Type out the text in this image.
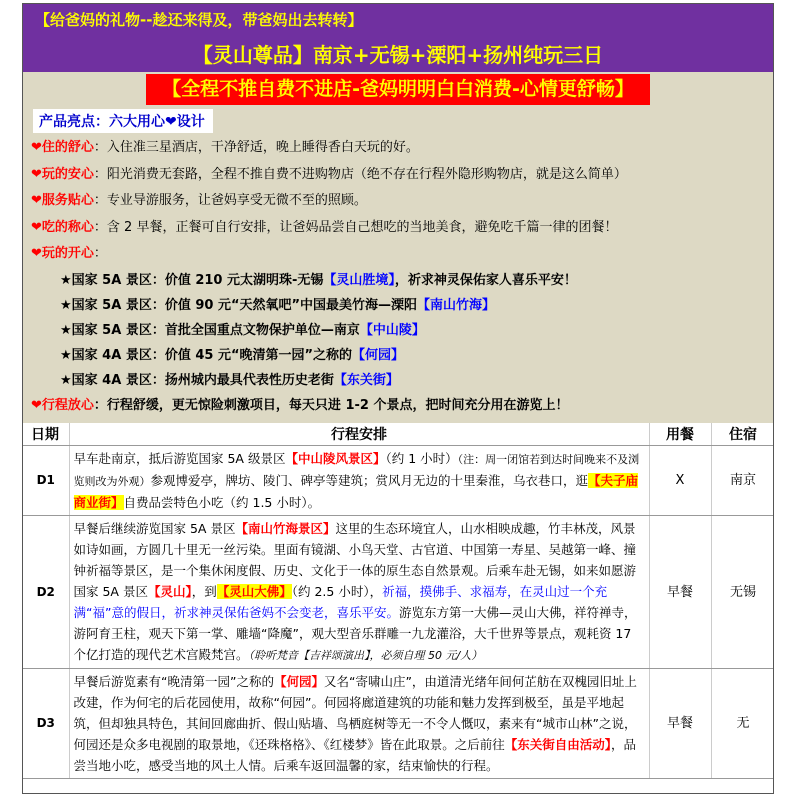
【给爸妈的礼物--趁还来得及，带爸妈出去转转】
【灵山尊品】南京+无锡+溧阳+扬州纯玩三日
【全程不推自费不进店-爸妈明明白白消费-心情更舒畅】
产品亮点：六大用心❤设计
❤住的舒心：入住准三星酒店，干净舒适，晚上睡得香白天玩的好。
❤玩的安心：阳光消费无套路，全程不推自费不进购物店（绝不存在行程外隐形购物店，就是这么简单）
❤服务贴心：专业导游服务，让爸妈享受无微不至的照顾。
❤吃的称心：含 2 早餐，正餐可自行安排，让爸妈品尝自己想吃的当地美食，避免吃千篇一律的团餐！
❤玩的开心：
★国家 5A 景区：价值 210 元太湖明珠-无锡【灵山胜境】，祈求神灵保佑家人喜乐平安！
★国家 5A 景区：价值 90 元“天然氧吧”中国最美竹海—溧阳【南山竹海】
★国家 5A 景区：首批全国重点文物保护单位—南京【中山陵】
★国家 4A 景区：价值 45 元“晚清第一园”之称的【何园】
★国家 4A 景区：扬州城内最具代表性历史老街【东关街】
❤行程放心：行程舒缓，更无惊险刺激项目，每天只进 1-2 个景点，把时间充分用在游览上！
日期	行程安排	用餐	住宿
D1	早车赴南京，抵后游览国家 5A 级景区【中山陵风景区】（约 1 小时）（注：周一闭馆若到达时间晚来不及浏览则改为外观）参观博爱亭，牌坊、陵门、碑亭等建筑；赏风月无边的十里秦淮，乌衣巷口，逛【夫子庙商业街】自费品尝特色小吃（约 1.5 小时）。	X	南京
D2	早餐后继续游览国家 5A 景区【南山竹海景区】这里的生态环境宜人，山水相映成趣，竹丰林茂，风景如诗如画，方圆几十里无一丝污染。里面有镜湖、小鸟天堂、古官道、中国第一寿星、吴越第一峰、撞钟祈福等景区，是一个集休闲度假、历史、文化于一体的原生态自然景观。后乘车赴无锡，如来如愿游国家 5A 景区【灵山】，到【灵山大佛】（约 2.5 小时），祈福，摸佛手、求福寿，在灵山过一个充满“福”意的假日，祈求神灵保佑爸妈不会变老，喜乐平安。游览东方第一大佛—灵山大佛，祥符禅寺，游阿育王柱，观天下第一掌、雕墙“降魔”，观大型音乐群雕一九龙灌浴，大千世界等景点，观耗资 17 个亿打造的现代艺术宫殿梵宫。（聆听梵音【吉祥颂演出】，必须自理 50 元/人）	早餐	无锡
D3	早餐后游览素有“晚清第一园”之称的【何园】又名“寄啸山庄”，由道清光绪年间何芷舫在双槐园旧址上改建，作为何宅的后花园使用，故称“何园”。何园将廊道建筑的功能和魅力发挥到极至，虽是平地起筑，但却独具特色，其间回廊曲折、假山贴墙、鸟栖庭树等无一不令人慨叹，素来有“城市山林”之说，何园还是众多电视剧的取景地，《还珠格格》、《红楼梦》皆在此取景。之后前往【东关街自由活动】，品尝当地小吃，感受当地的风土人情。后乘车返回温馨的家，结束愉快的行程。	早餐	无
